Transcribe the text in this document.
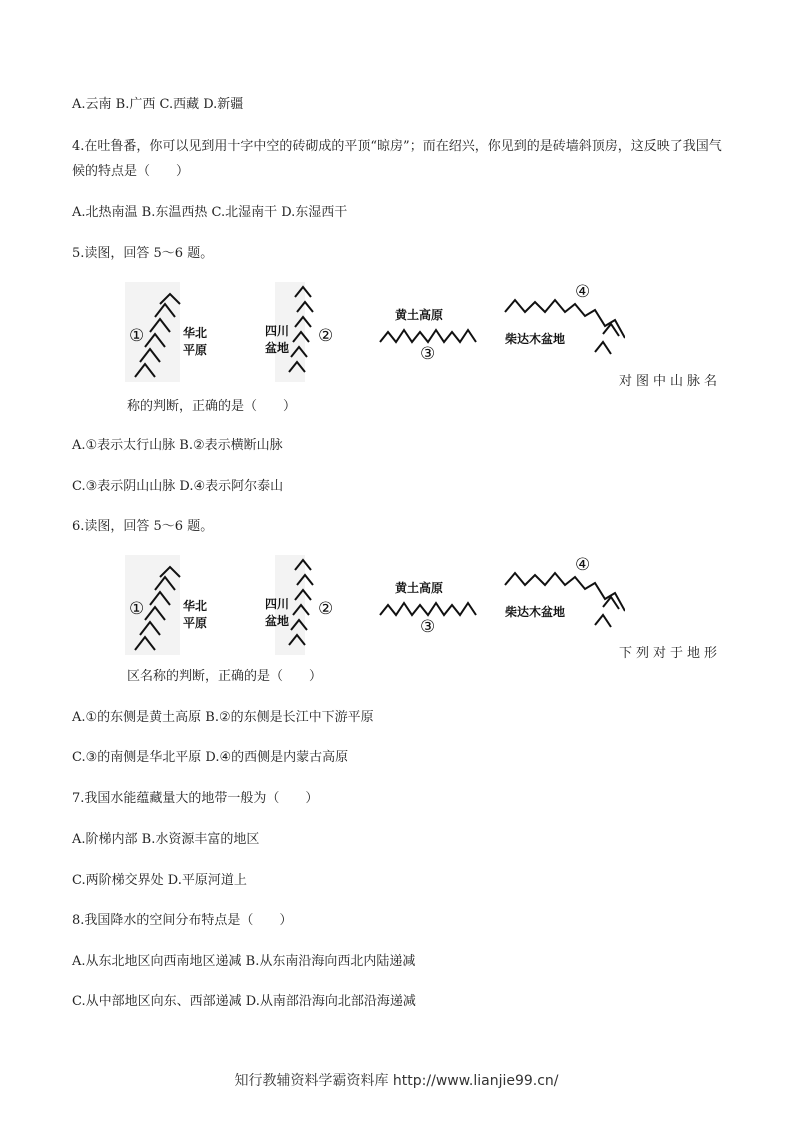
A.云南 B.广西 C.西藏 D.新疆
4.在吐鲁番，你可以见到用十字中空的砖砌成的平顶“晾房”；而在绍兴，你见到的是砖墙斜顶房，这反映了我国气候的特点是（　　）
A.北热南温 B.东温西热 C.北湿南干 D.东湿西干
5.读图，回答 5～6 题。
①	华北
平原
四川
盆地
②
黄土高原
③
柴达木盆地
④
对图中山脉名
称的判断，正确的是（　　）
A.①表示太行山脉 B.②表示横断山脉
C.③表示阴山山脉 D.④表示阿尔泰山
6.读图，回答 5～6 题。
①	华北
平原
四川
盆地
②
黄土高原
③
柴达木盆地
④
下列对于地形
区名称的判断，正确的是（　　）
A.①的东侧是黄土高原 B.②的东侧是长江中下游平原
C.③的南侧是华北平原 D.④的西侧是内蒙古高原
7.我国水能蕴藏量大的地带一般为（　　）
A.阶梯内部 B.水资源丰富的地区
C.两阶梯交界处 D.平原河道上
8.我国降水的空间分布特点是（　　）
A.从东北地区向西南地区递减 B.从东南沿海向西北内陆递减
C.从中部地区向东、西部递减 D.从南部沿海向北部沿海递减
知行教辅资料学霸资料库 http://www.lianjie99.cn/
